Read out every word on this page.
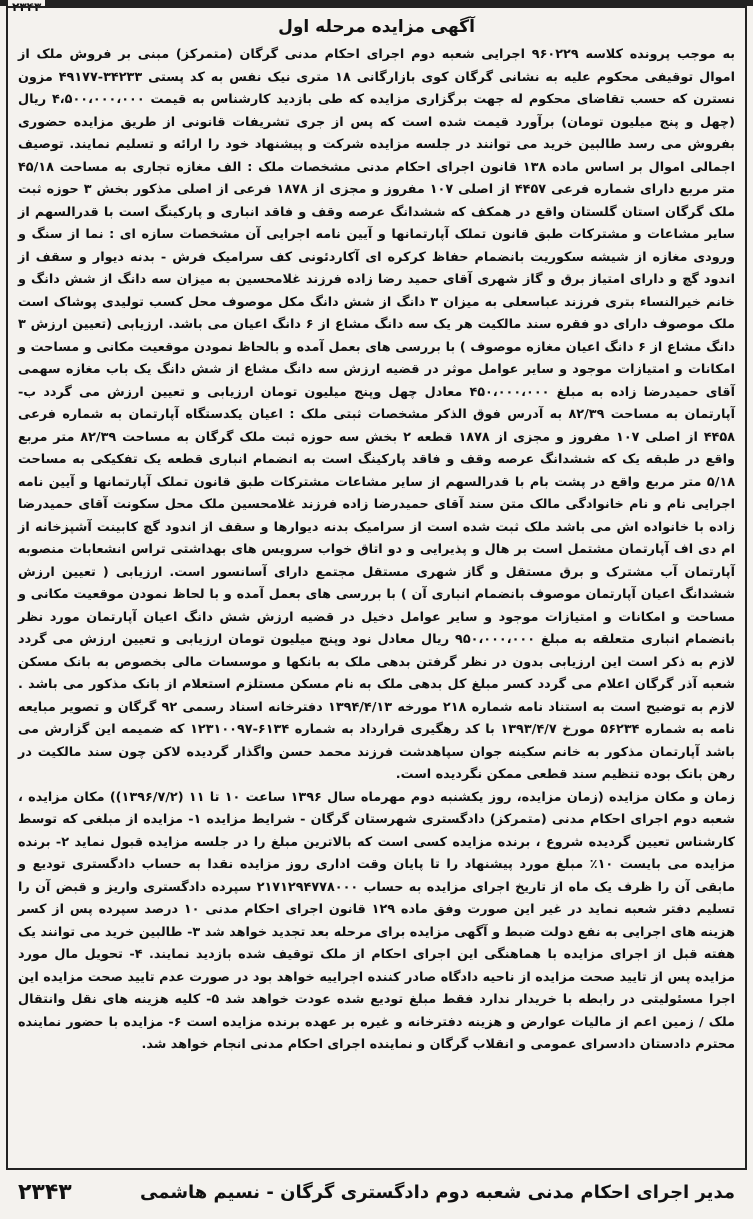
۲۳۴۳
آگهی مزایده مرحله اول

به موجب پرونده کلاسه ۹۶۰۲۲۹ اجرایی شعبه دوم اجرای احکام مدنی گرگان (متمرکز) مبنی بر فروش ملک از اموال توقیفی محکوم علیه به نشانی گرگان کوی بازارگانی ۱۸ متری نیک نفس به کد پستی ۳۴۲۳۳-۴۹۱۷۷ مزون نسترن که حسب تقاضای محکوم له جهت برگزاری مزایده که طی بازدید کارشناس به قیمت ۴،۵۰۰،۰۰۰،۰۰۰ ریال (چهل و پنج میلیون تومان) برآورد قیمت شده است که پس از جری تشریفات قانونی از طریق مزایده حضوری بفروش می رسد طالبین خرید می توانند در جلسه مزایده شرکت و پیشنهاد خود را ارائه و تسلیم نمایند. توصیف اجمالی اموال بر اساس ماده ۱۳۸ قانون اجرای احکام مدنی مشخصات ملک : الف مغازه تجاری به مساحت ۴۵/۱۸ متر مربع دارای شماره فرعی ۴۴۵۷ از اصلی ۱۰۷ مفروز و مجزی از ۱۸۷۸ فرعی از اصلی مذکور بخش ۳ حوزه ثبت ملک گرگان استان گلستان واقع در همکف که ششدانگ عرصه وقف و فاقد انباری و پارکینگ است با قدرالسهم از سایر مشاعات و مشترکات طبق قانون تملک آپارتمانها و آیین نامه اجرایی آن مشخصات سازه ای : نما از سنگ و ورودی مغازه از شیشه سکوریت بانضمام حفاظ کرکره ای آکاردئونی کف سرامیک فرش - بدنه دیوار و سقف از اندود گچ و دارای امتیاز برق و گاز شهری آقای حمید رضا زاده فرزند غلامحسین به میزان سه دانگ از شش دانگ و خانم خیرالنساء بتری فرزند عباسعلی به میزان ۳ دانگ از شش دانگ مکل موصوف محل کسب تولیدی پوشاک است ملک موصوف دارای دو فقره سند مالکیت هر یک سه دانگ مشاع از ۶ دانگ اعیان می باشد. ارزیابی (تعیین ارزش ۳ دانگ مشاع از ۶ دانگ اعیان مغازه موصوف ) با بررسی های بعمل آمده و بالحاظ نمودن موقعیت مکانی و مساحت و امکانات و امتیازات موجود و سایر عوامل موثر در قضیه ارزش سه دانگ مشاع از شش دانگ یک باب مغازه سهمی آقای حمیدرضا زاده به مبلغ ۴۵۰،۰۰۰،۰۰۰ معادل چهل وپنج میلیون تومان ارزیابی و تعیین ارزش می گردد ب- آپارتمان به مساحت ۸۲/۳۹ به آدرس فوق الذکر مشخصات ثبتی ملک : اعیان یکدستگاه آپارتمان به شماره فرعی ۴۴۵۸ از اصلی ۱۰۷ مفروز و مجزی از ۱۸۷۸ قطعه ۲ بخش سه حوزه ثبت ملک گرگان به مساحت ۸۲/۳۹ متر مربع واقع در طبقه یک که ششدانگ عرصه وقف و فاقد پارکینگ است به انضمام انباری قطعه یک تفکیکی به مساحت ۵/۱۸ متر مربع واقع در پشت بام با قدرالسهم از سایر مشاعات مشترکات طبق قانون تملک آپارتمانها و آیین نامه اجرایی نام و نام خانوادگی مالک متن سند آقای حمیدرضا زاده فرزند غلامحسین ملک محل سکونت آقای حمیدرضا زاده با خانواده اش می باشد ملک ثبت شده است از سرامیک بدنه دیوارها و سقف از اندود گچ کابینت آشپزخانه از ام دی اف آپارتمان مشتمل است بر هال و پذیرایی و دو اتاق خواب سرویس های بهداشتی تراس انشعابات منصوبه آپارتمان آب مشترک و برق مستقل و گاز شهری مستقل مجتمع دارای آسانسور است. ارزیابی ( تعیین ارزش ششدانگ اعیان آپارتمان موصوف بانضمام انباری آن ) با بررسی های بعمل آمده و با لحاظ نمودن موقعیت مکانی و مساحت و امکانات و امتیازات موجود و سایر عوامل دخیل در قضیه ارزش شش دانگ اعیان آپارتمان مورد نظر بانضمام انباری متعلقه به مبلغ ۹۵۰،۰۰۰،۰۰۰ ریال معادل نود وپنج میلیون تومان ارزیابی و تعیین ارزش می گردد لازم به ذکر است این ارزیابی بدون در نظر گرفتن بدهی ملک به بانکها و موسسات مالی بخصوص به بانک مسکن شعبه آذر گرگان اعلام می گردد کسر مبلغ کل بدهی ملک به نام مسکن مستلزم استعلام از بانک مذکور می باشد . لازم به توضیح است به استناد نامه شماره ۲۱۸ مورخه ۱۳۹۴/۴/۱۳ دفترخانه اسناد رسمی ۹۲ گرگان و تصویر مبایعه نامه به شماره ۵۶۲۳۴ مورخ ۱۳۹۳/۴/۷ با کد رهگیری قرارداد به شماره ۶۱۳۴-۱۲۳۱۰۰۹۷ که ضمیمه این گزارش می باشد آپارتمان مذکور به خانم سکینه جوان سپاهدشت فرزند محمد حسن واگذار گردیده لاکن چون سند مالکیت در رهن بانک بوده تنظیم سند قطعی ممکن نگردیده است.

زمان و مکان مزایده (زمان مزایده، روز یکشنبه دوم مهرماه سال ۱۳۹۶ ساعت ۱۰ تا ۱۱ (۱۳۹۶/۷/۲)) مکان مزایده ، شعبه دوم اجرای احکام مدنی (متمرکز) دادگستری شهرستان گرگان - شرایط مزایده ۱- مزایده از مبلغی که توسط کارشناس تعیین گردیده شروع ، برنده مزایده کسی است که بالاترین مبلغ را در جلسه مزایده قبول نماید ۲- برنده مزایده می بایست ۱۰٪ مبلغ مورد پیشنهاد را تا پایان وقت اداری روز مزایده نقدا به حساب دادگستری تودیع و مابقی آن را ظرف یک ماه از تاریخ اجرای مزایده به حساب ۲۱۷۱۲۹۴۷۷۸۰۰۰ سپرده دادگستری واریز و قبض آن را تسلیم دفتر شعبه نماید در غیر این صورت وفق ماده ۱۲۹ قانون اجرای احکام مدنی ۱۰ درصد سپرده پس از کسر هزینه های اجرایی به نفع دولت ضبط و آگهی مزایده برای مرحله بعد تجدید خواهد شد ۳- طالبین خرید می توانند یک هفته قبل از اجرای مزایده با هماهنگی این اجرای احکام از ملک توقیف شده بازدید نمایند. ۴- تحویل مال مورد مزایده پس از تایید صحت مزایده از ناحیه دادگاه صادر کننده اجراییه خواهد بود در صورت عدم تایید صحت مزایده این اجرا مسئولیتی در رابطه با خریدار ندارد فقط مبلغ تودیع شده عودت خواهد شد ۵- کلیه هزینه های نقل وانتقال ملک / زمین اعم از مالیات عوارض و هزینه دفترخانه و غیره بر عهده برنده مزایده است ۶- مزایده با حضور نماینده محترم دادستان دادسرای عمومی و انقلاب گرگان و نماینده اجرای احکام مدنی انجام خواهد شد.

مدیر اجرای احکام مدنی شعبه دوم دادگستری گرگان - نسیم هاشمی
۲۳۴۳
